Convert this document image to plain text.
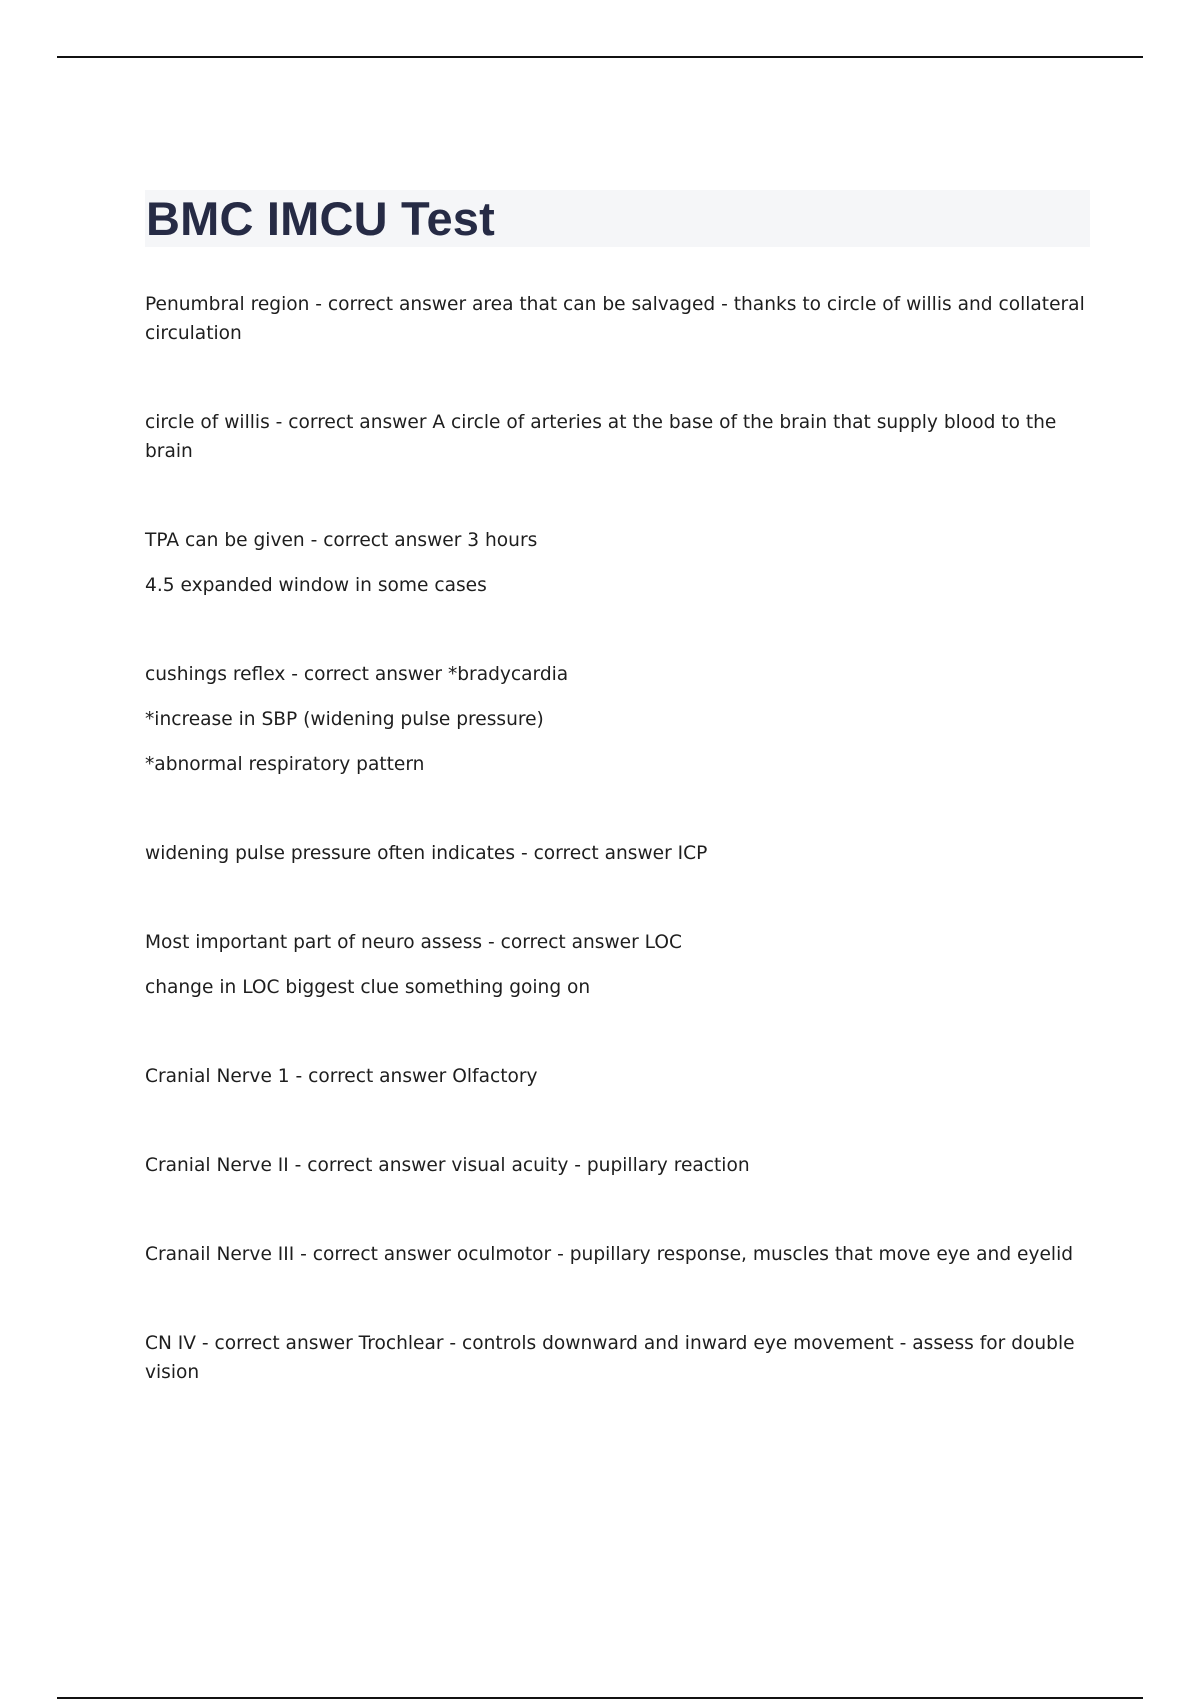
BMC IMCU Test

Penumbral region - correct answer area that can be salvaged - thanks to circle of willis and collateral circulation

circle of willis - correct answer A circle of arteries at the base of the brain that supply blood to the brain

TPA can be given - correct answer 3 hours

4.5 expanded window in some cases

cushings reflex - correct answer *bradycardia

*increase in SBP (widening pulse pressure)

*abnormal respiratory pattern

widening pulse pressure often indicates - correct answer ICP

Most important part of neuro assess - correct answer LOC

change in LOC biggest clue something going on

Cranial Nerve 1 - correct answer Olfactory

Cranial Nerve II - correct answer visual acuity - pupillary reaction

Cranail Nerve III - correct answer oculmotor - pupillary response, muscles that move eye and eyelid

CN IV - correct answer Trochlear - controls downward and inward eye movement - assess for double vision
